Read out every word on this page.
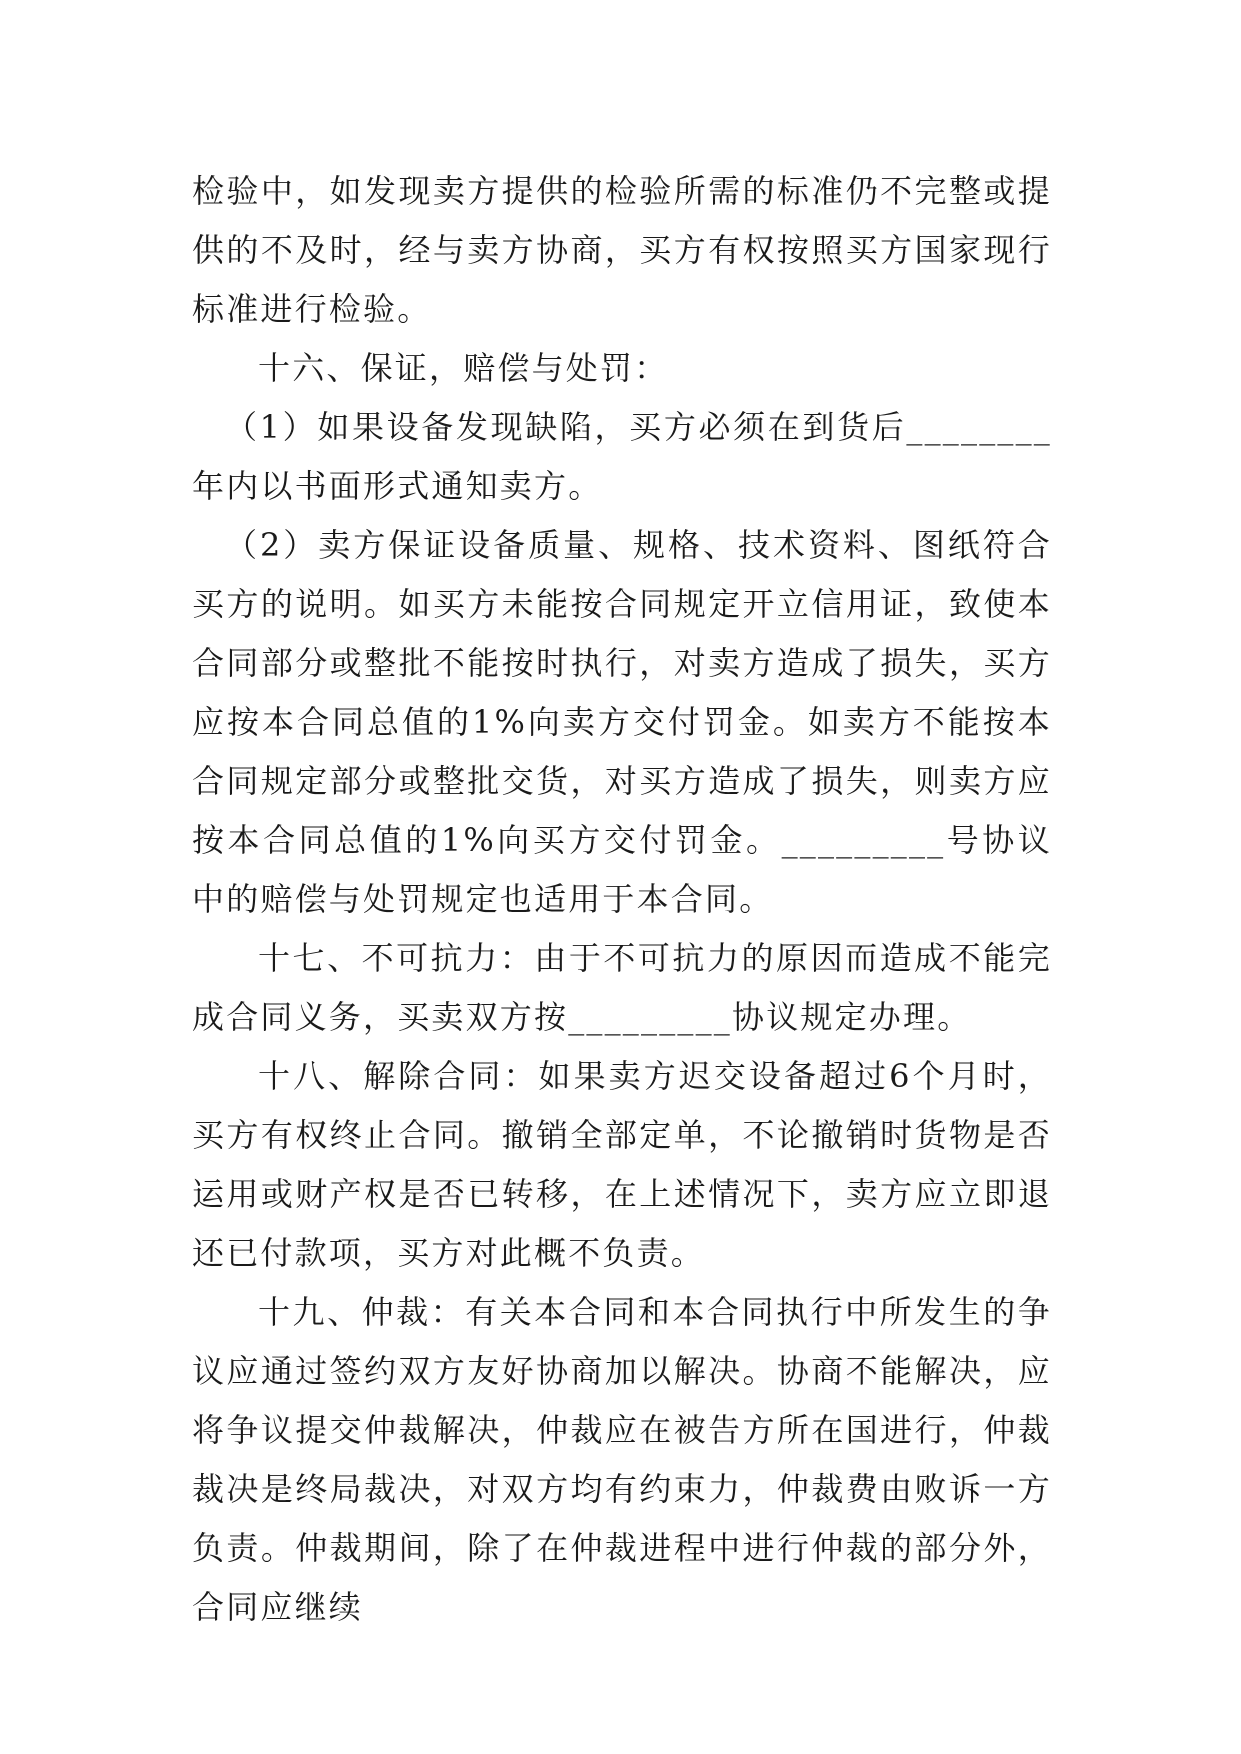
检验中，如发现卖方提供的检验所需的标准仍不完整或提供的不及时，经与卖方协商，买方有权按照买方国家现行标准进行检验。

十六、保证，赔偿与处罚：

（1）如果设备发现缺陷，买方必须在到货后________年内以书面形式通知卖方。

（2）卖方保证设备质量、规格、技术资料、图纸符合买方的说明。如买方未能按合同规定开立信用证，致使本合同部分或整批不能按时执行，对卖方造成了损失，买方应按本合同总值的1%向卖方交付罚金。如卖方不能按本合同规定部分或整批交货，对买方造成了损失，则卖方应按本合同总值的1%向买方交付罚金。_________号协议中的赔偿与处罚规定也适用于本合同。

十七、不可抗力：由于不可抗力的原因而造成不能完成合同义务，买卖双方按_________协议规定办理。

十八、解除合同：如果卖方迟交设备超过6个月时，买方有权终止合同。撤销全部定单，不论撤销时货物是否运用或财产权是否已转移，在上述情况下，卖方应立即退还已付款项，买方对此概不负责。

十九、仲裁：有关本合同和本合同执行中所发生的争议应通过签约双方友好协商加以解决。协商不能解决，应将争议提交仲裁解决，仲裁应在被告方所在国进行，仲裁裁决是终局裁决，对双方均有约束力，仲裁费由败诉一方负责。仲裁期间，除了在仲裁进程中进行仲裁的部分外，合同应继续
